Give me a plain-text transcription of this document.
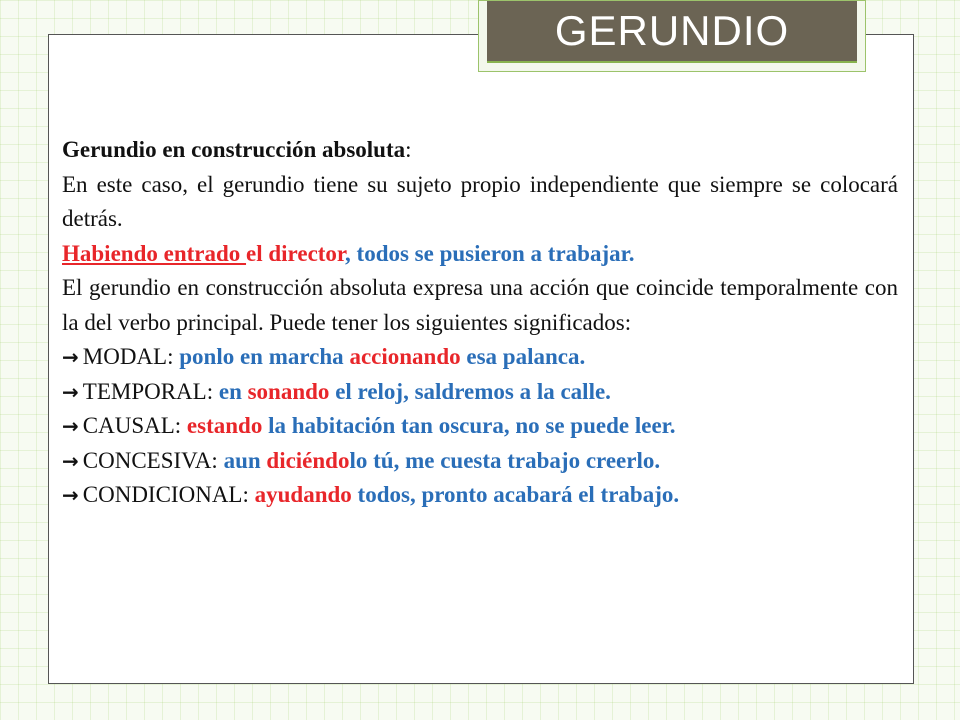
GERUNDIO

Gerundio en construcción absoluta:

En este caso, el gerundio tiene su sujeto propio independiente que siempre se colocará detrás.

Habiendo entrado el director, todos se pusieron a trabajar.

El gerundio en construcción absoluta expresa una acción que coincide temporalmente con la del verbo principal. Puede tener los siguientes significados:

→ MODAL: ponlo en marcha accionando esa palanca.

→ TEMPORAL: en sonando el reloj, saldremos a la calle.

→ CAUSAL: estando la habitación tan oscura, no se puede leer.

→ CONCESIVA: aun diciéndolo tú, me cuesta trabajo creerlo.

→ CONDICIONAL: ayudando todos, pronto acabará el trabajo.
